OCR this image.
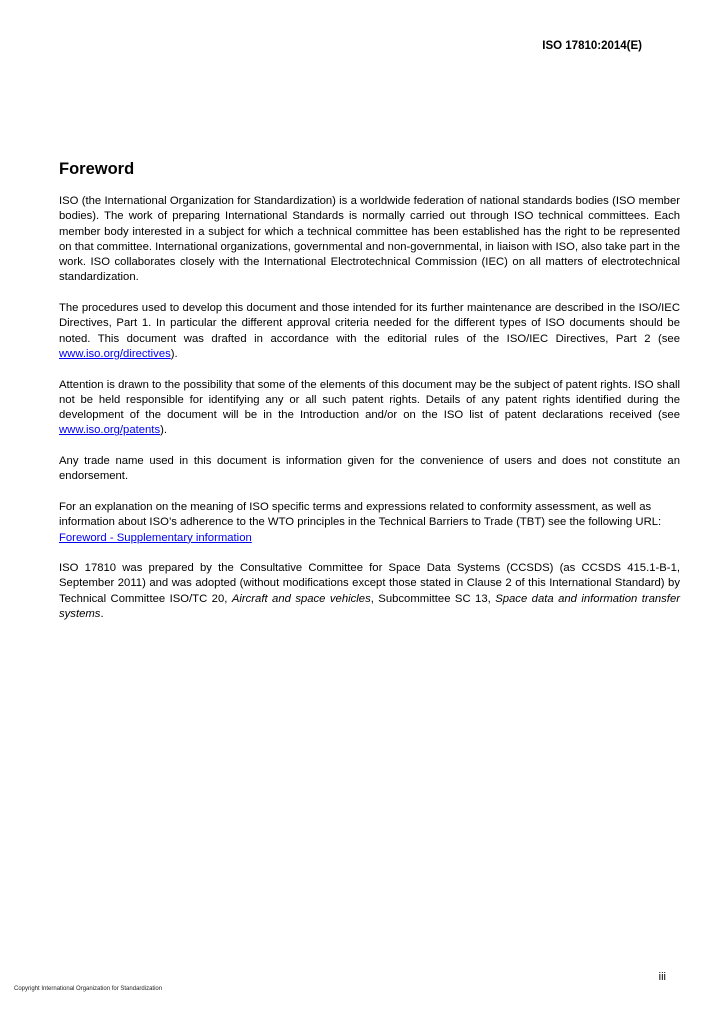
ISO 17810:2014(E)
Foreword

ISO (the International Organization for Standardization) is a worldwide federation of national standards bodies (ISO member bodies). The work of preparing International Standards is normally carried out through ISO technical committees. Each member body interested in a subject for which a technical committee has been established has the right to be represented on that committee. International organizations, governmental and non-governmental, in liaison with ISO, also take part in the work. ISO collaborates closely with the International Electrotechnical Commission (IEC) on all matters of electrotechnical standardization.

The procedures used to develop this document and those intended for its further maintenance are described in the ISO/IEC Directives, Part 1. In particular the different approval criteria needed for the different types of ISO documents should be noted. This document was drafted in accordance with the editorial rules of the ISO/IEC Directives, Part 2 (see www.iso.org/directives).

Attention is drawn to the possibility that some of the elements of this document may be the subject of patent rights. ISO shall not be held responsible for identifying any or all such patent rights. Details of any patent rights identified during the development of the document will be in the Introduction and/or on the ISO list of patent declarations received (see www.iso.org/patents).

Any trade name used in this document is information given for the convenience of users and does not constitute an endorsement.

For an explanation on the meaning of ISO specific terms and expressions related to conformity assessment, as well as information about ISO’s adherence to the WTO principles in the Technical Barriers to Trade (TBT) see the following URL: Foreword - Supplementary information

ISO 17810 was prepared by the Consultative Committee for Space Data Systems (CCSDS) (as CCSDS 415.1-B-1, September 2011) and was adopted (without modifications except those stated in Clause 2 of this International Standard) by Technical Committee ISO/TC 20, Aircraft and space vehicles, Subcommittee SC 13, Space data and information transfer systems.

iii
Copyright International Organization for Standardization
